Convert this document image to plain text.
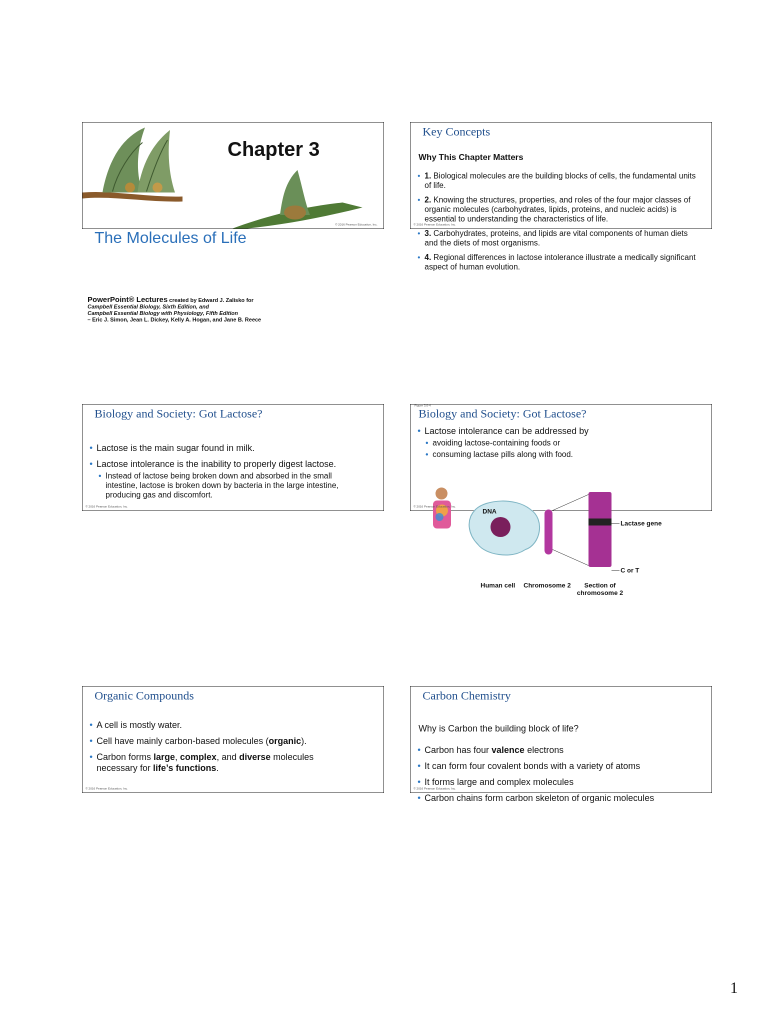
Chapter 3
The Molecules of Life
PowerPoint® Lectures created by Edward J. Zalisko for
Campbell Essential Biology, Sixth Edition, and
Campbell Essential Biology with Physiology, Fifth Edition
– Eric J. Simon, Jean L. Dickey, Kelly A. Hogan, and Jane B. Reece
© 2016 Pearson Education, Inc.
Key Concepts
Why This Chapter Matters
• 1. Biological molecules are the building blocks of cells, the fundamental units of life.
• 2. Knowing the structures, properties, and roles of the four major classes of organic molecules (carbohydrates, lipids, proteins, and nucleic acids) is essential to understanding the characteristics of life.
• 3. Carbohydrates, proteins, and lipids are vital components of human diets and the diets of most organisms.
• 4. Regional differences in lactose intolerance illustrate a medically significant aspect of human evolution.
© 2016 Pearson Education, Inc.
Biology and Society: Got Lactose?
• Lactose is the main sugar found in milk.
• Lactose intolerance is the inability to properly digest lactose.
• • Instead of lactose being broken down and absorbed in the small intestine, lactose is broken down by bacteria in the large intestine, producing gas and discomfort.
© 2016 Pearson Education, Inc.
Figure 3.0-4
Biology and Society: Got Lactose?
• Lactose intolerance can be addressed by
• • avoiding lactose-containing foods or
• • consuming lactase pills along with food.
DNA
Lactase gene
C or T
Human cell Chromosome 2	Section of
chromosome 2
© 2016 Pearson Education, Inc.
Organic Compounds
• A cell is mostly water.
• Cell have mainly carbon-based molecules (organic).
• Carbon forms large, complex, and diverse molecules necessary for life’s functions.
© 2016 Pearson Education, Inc.
Carbon Chemistry
Why is Carbon the building block of life?
• Carbon has four valence electrons
• It can form four covalent bonds with a variety of atoms
• It forms large and complex molecules
• Carbon chains form carbon skeleton of organic molecules
© 2016 Pearson Education, Inc.
1
